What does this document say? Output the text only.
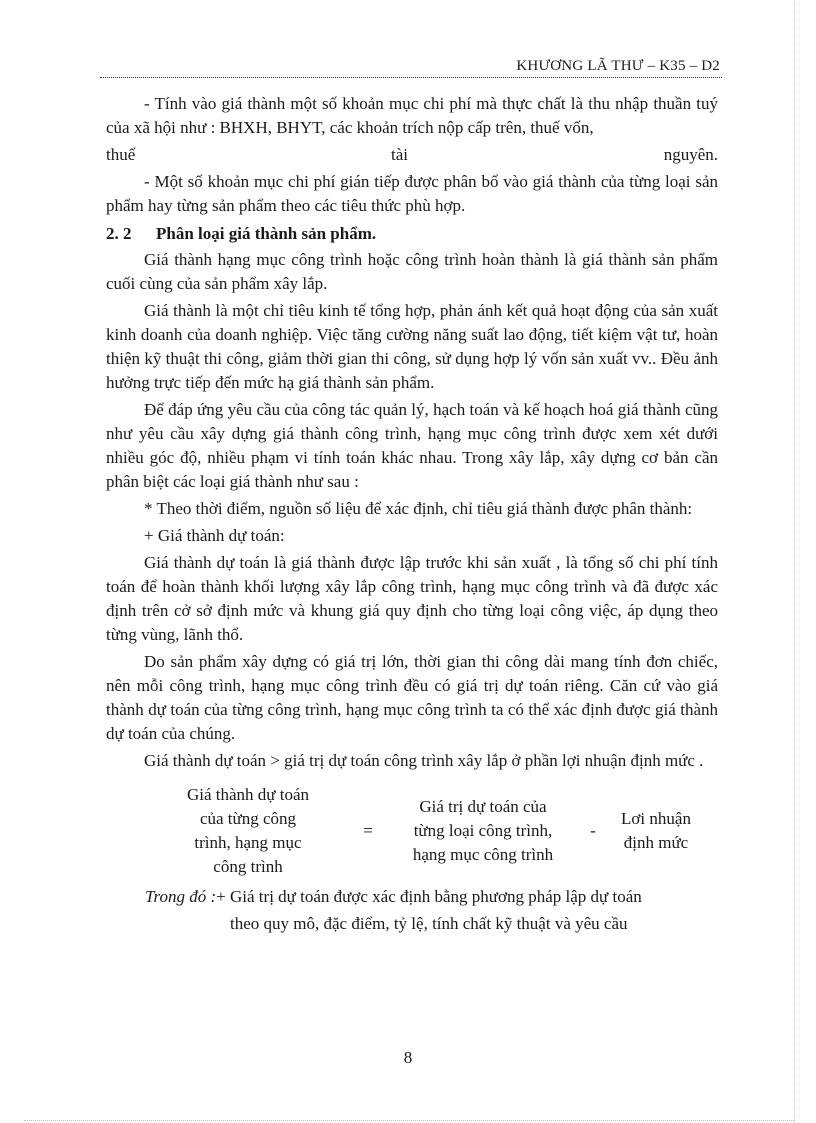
KHƯƠNG LÃ THƯ – K35 – D2

- Tính vào giá thành một số khoản mục chi phí mà thực chất là thu nhập thuần tuý của xã hội như : BHXH, BHYT, các khoản trích nộp cấp trên, thuế vốn,

thuế	tài	nguyên.

- Một số khoản mục chi phí gián tiếp được phân bổ vào giá thành của từng loại sản phẩm hay từng sản phẩm theo các tiêu thức phù hợp.

2. 2 Phân loại giá thành sản phẩm.

Giá thành hạng mục công trình hoặc công trình hoàn thành là giá thành sản phẩm cuối cùng của sản phẩm xây lắp.

Giá thành là một chỉ tiêu kinh tế tổng hợp, phản ánh kết quả hoạt động của sản xuất kinh doanh của doanh nghiệp. Việc tăng cường năng suất lao động, tiết kiệm vật tư, hoàn thiện kỹ thuật thi công, giảm thời gian thi công, sử dụng hợp lý vốn sản xuất vv.. Đều ảnh hưởng trực tiếp đến mức hạ giá thành sản phẩm.

Để đáp ứng yêu cầu của công tác quản lý, hạch toán và kế hoạch hoá giá thành cũng như yêu cầu xây dựng giá thành công trình, hạng mục công trình được xem xét dưới nhiều góc độ, nhiều phạm vi tính toán khác nhau. Trong xây lắp, xây dựng cơ bản cần phân biệt các loại giá thành như sau :

* Theo thời điểm, nguồn số liệu để xác định, chỉ tiêu giá thành được phân thành:

+ Giá thành dự toán:

Giá thành dự toán là giá thành được lập trước khi sản xuất , là tổng số chi phí tính toán để hoàn thành khối lượng xây lắp công trình, hạng mục công trình và đã được xác định trên cở sở định mức và khung giá quy định cho từng loại công việc, áp dụng theo từng vùng, lãnh thổ.

Do sản phẩm xây dựng có giá trị lớn, thời gian thi công dài mang tính đơn chiếc, nên mỗi công trình, hạng mục công trình đều có giá trị dự toán riêng. Căn cứ vào giá thành dự toán của từng công trình, hạng mục công trình ta có thể xác định được giá thành dự toán của chúng.

Giá thành dự toán > giá trị dự toán công trình xây lắp ở phần lợi nhuận định mức .

Giá thành dự toán
của từng công
trình, hạng mục
công trình
=
Giá trị dự toán của
từng loại công trình,
hạng mục công trình
-
Lơi nhuận
định mức

Trong đó :+ Giá trị dự toán được xác định bằng phương pháp lập dự toán

theo quy mô, đặc điểm, tỷ lệ, tính chất kỹ thuật và yêu cầu

8
